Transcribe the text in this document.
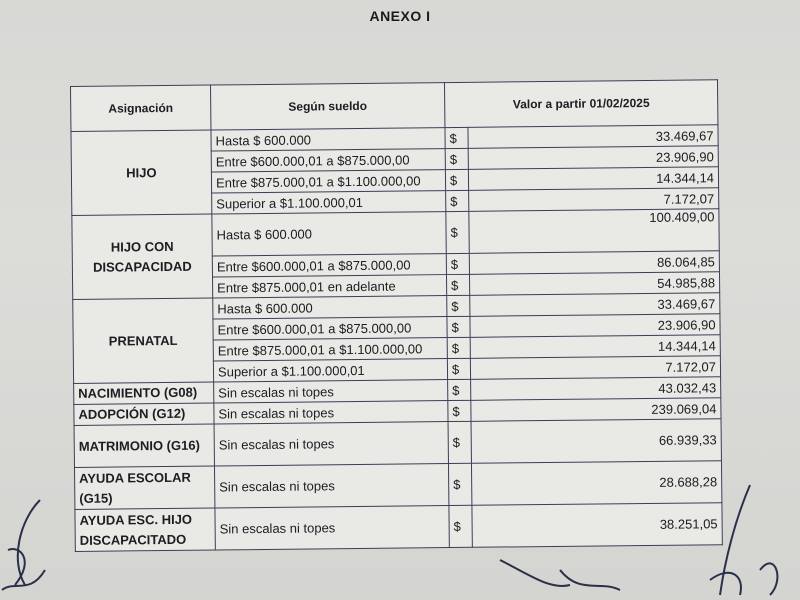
ANEXO I
Asignación	Según sueldo	Valor a partir 01/02/2025	
HIJO	Hasta $ 600.000	$	33.469,67
	Entre $600.000,01 a $875.000,00	$	23.906,90
	Entre $875.000,01 a $1.100.000,00	$	14.344,14
	Superior a $1.100.000,01	$	7.172,07
HIJO CON DISCAPACIDAD	Hasta $ 600.000	$	100.409,00
	Entre $600.000,01 a $875.000,00	$	86.064,85
	Entre $875.000,01 en adelante	$	54.985,88
PRENATAL	Hasta $ 600.000	$	33.469,67
	Entre $600.000,01 a $875.000,00	$	23.906,90
	Entre $875.000,01 a $1.100.000,00	$	14.344,14
	Superior a $1.100.000,01	$	7.172,07
NACIMIENTO (G08)	Sin escalas ni topes	$	43.032,43
ADOPCIÓN (G12)	Sin escalas ni topes	$	239.069,04
MATRIMONIO (G16)	Sin escalas ni topes	$	66.939,33
AYUDA ESCOLAR (G15)	Sin escalas ni topes	$	28.688,28
AYUDA ESC. HIJO DISCAPACITADO	Sin escalas ni topes	$	38.251,05
